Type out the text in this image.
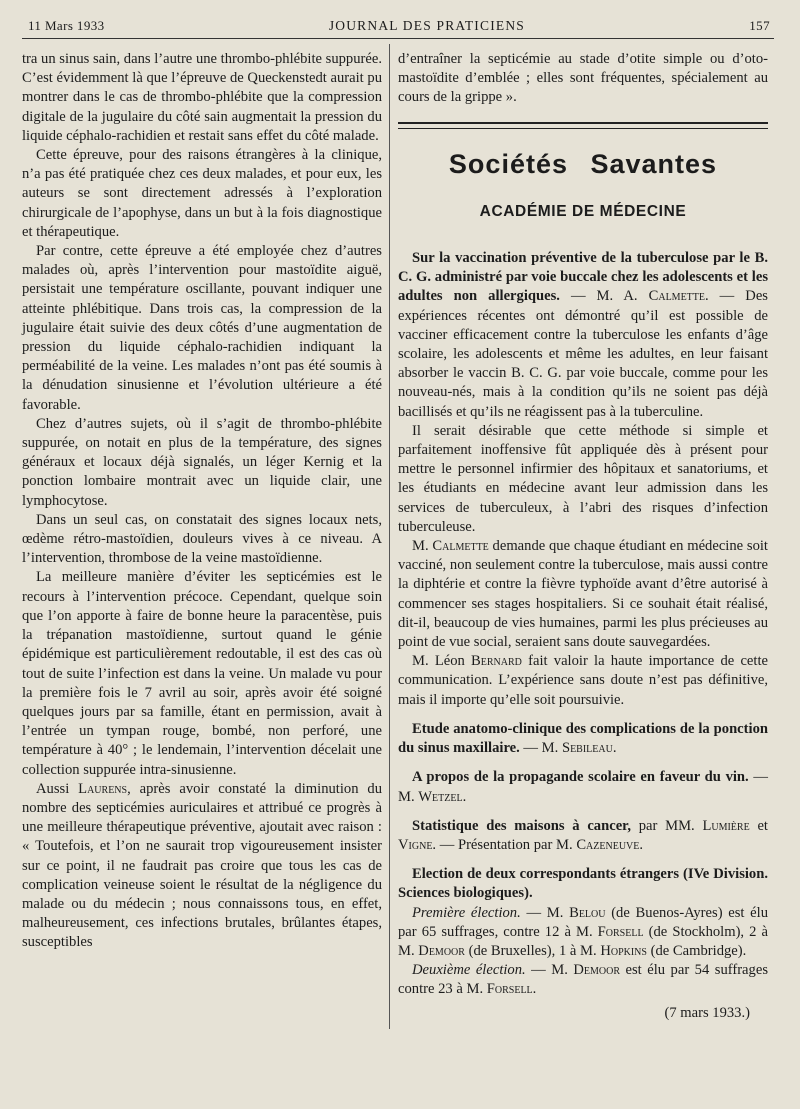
11 Mars 1933	JOURNAL DES PRATICIENS	157

tra un sinus sain, dans l’autre une thrombo-phlébite suppurée. C’est évidemment là que l’épreuve de Queckenstedt aurait pu montrer dans le cas de thrombo-phlébite que la compression digitale de la jugulaire du côté sain augmentait la pression du liquide céphalo-rachidien et restait sans effet du côté malade.

Cette épreuve, pour des raisons étrangères à la clinique, n’a pas été pratiquée chez ces deux malades, et pour eux, les auteurs se sont directement adressés à l’exploration chirurgicale de l’apophyse, dans un but à la fois diagnostique et thérapeutique.

Par contre, cette épreuve a été employée chez d’autres malades où, après l’intervention pour mastoïdite aiguë, persistait une température oscillante, pouvant indiquer une atteinte phlébitique. Dans trois cas, la compression de la jugulaire était suivie des deux côtés d’une augmentation de pression du liquide céphalo-rachidien indiquant la perméabilité de la veine. Les malades n’ont pas été soumis à la dénudation sinusienne et l’évolution ultérieure a été favorable.

Chez d’autres sujets, où il s’agit de thrombo-phlébite suppurée, on notait en plus de la température, des signes généraux et locaux déjà signalés, un léger Kernig et la ponction lombaire montrait avec un liquide clair, une lymphocytose.

Dans un seul cas, on constatait des signes locaux nets, œdème rétro-mastoïdien, douleurs vives à ce niveau. A l’intervention, thrombose de la veine mastoïdienne.

La meilleure manière d’éviter les septicémies est le recours à l’intervention précoce. Cependant, quelque soin que l’on apporte à faire de bonne heure la paracentèse, puis la trépanation mastoïdienne, surtout quand le génie épidémique est particulièrement redoutable, il est des cas où tout de suite l’infection est dans la veine. Un malade vu pour la première fois le 7 avril au soir, après avoir été soigné quelques jours par sa famille, étant en permission, avait à l’entrée un tympan rouge, bombé, non perforé, une température à 40° ; le lendemain, l’intervention décelait une collection suppurée intra-sinusienne.

Aussi Laurens, après avoir constaté la diminution du nombre des septicémies auriculaires et attribué ce progrès à une meilleure thérapeutique préventive, ajoutait avec raison : « Toutefois, et l’on ne saurait trop vigoureusement insister sur ce point, il ne faudrait pas croire que tous les cas de complication veineuse soient le résultat de la négligence du malade ou du médecin ; nous connaissons tous, en effet, malheureusement, ces infections brutales, brûlantes étapes, susceptibles

d’entraîner la septicémie au stade d’otite simple ou d’oto-mastoïdite d’emblée ; elles sont fréquentes, spécialement au cours de la grippe ».

Sociétés Savantes
ACADÉMIE DE MÉDECINE

Sur la vaccination préventive de la tuberculose par le B. C. G. administré par voie buccale chez les adolescents et les adultes non allergiques. — M. A. Calmette. — Des expériences récentes ont démontré qu’il est possible de vacciner efficacement contre la tuberculose les enfants d’âge scolaire, les adolescents et même les adultes, en leur faisant absorber le vaccin B. C. G. par voie buccale, comme pour les nouveau-nés, mais à la condition qu’ils ne soient pas déjà bacillisés et qu’ils ne réagissent pas à la tuberculine.

Il serait désirable que cette méthode si simple et parfaitement inoffensive fût appliquée dès à présent pour mettre le personnel infirmier des hôpitaux et sanatoriums, et les étudiants en médecine avant leur admission dans les services de tuberculeux, à l’abri des risques d’infection tuberculeuse.

M. Calmette demande que chaque étudiant en médecine soit vacciné, non seulement contre la tuberculose, mais aussi contre la diphtérie et contre la fièvre typhoïde avant d’être autorisé à commencer ses stages hospitaliers. Si ce souhait était réalisé, dit-il, beaucoup de vies humaines, parmi les plus précieuses au point de vue social, seraient sans doute sauvegardées.

M. Léon Bernard fait valoir la haute importance de cette communication. L’expérience sans doute n’est pas définitive, mais il importe qu’elle soit poursuivie.

Etude anatomo-clinique des complications de la ponction du sinus maxillaire. — M. Sebileau.

A propos de la propagande scolaire en faveur du vin. — M. Wetzel.

Statistique des maisons à cancer, par MM. Lumière et Vigne. — Présentation par M. Cazeneuve.

Election de deux correspondants étrangers (IVe Division. Sciences biologiques).

Première élection. — M. Belou (de Buenos-Ayres) est élu par 65 suffrages, contre 12 à M. Forsell (de Stockholm), 2 à M. Demoor (de Bruxelles), 1 à M. Hopkins (de Cambridge).

Deuxième élection. — M. Demoor est élu par 54 suffrages contre 23 à M. Forsell.

(7 mars 1933.)
